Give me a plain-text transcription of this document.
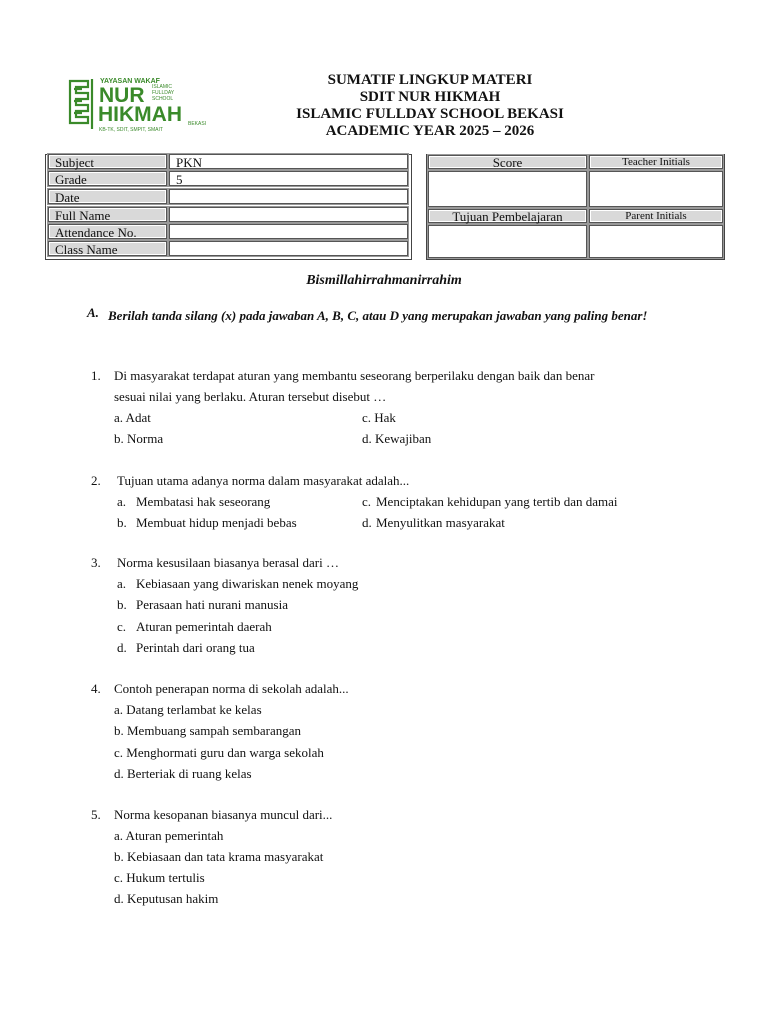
YAYASAN WAKAF
NUR ISLAMIC
FULLDAY
SCHOOL
HIKMAH BEKASI
KB-TK, SDIT, SMPIT, SMAIT
SUMATIF LINGKUP MATERI
SDIT NUR HIKMAH
ISLAMIC FULLDAY SCHOOL BEKASI
ACADEMIC YEAR 2025 – 2026
Subject	PKN
Grade	5
Date
Full Name
Attendance No.
Class Name
Score	Teacher Initials
Tujuan Pembelajaran	Parent Initials
Bismillahirrahmanirrahim
A. Berilah tanda silang (x) pada jawaban A, B, C, atau D yang merupakan jawaban yang paling benar!
1. Di masyarakat terdapat aturan yang membantu seseorang berperilaku dengan baik dan benar
sesuai nilai yang berlaku. Aturan tersebut disebut …
a. Adat	c. Hak
b. Norma	d. Kewajiban
2. Tujuan utama adanya norma dalam masyarakat adalah...
a. Membatasi hak seseorang	c. Menciptakan kehidupan yang tertib dan damai
b. Membuat hidup menjadi bebas	d. Menyulitkan masyarakat
3. Norma kesusilaan biasanya berasal dari …
a. Kebiasaan yang diwariskan nenek moyang
b. Perasaan hati nurani manusia
c. Aturan pemerintah daerah
d. Perintah dari orang tua
4. Contoh penerapan norma di sekolah adalah...
a. Datang terlambat ke kelas
b. Membuang sampah sembarangan
c. Menghormati guru dan warga sekolah
d. Berteriak di ruang kelas
5. Norma kesopanan biasanya muncul dari...
a. Aturan pemerintah
b. Kebiasaan dan tata krama masyarakat
c. Hukum tertulis
d. Keputusan hakim
